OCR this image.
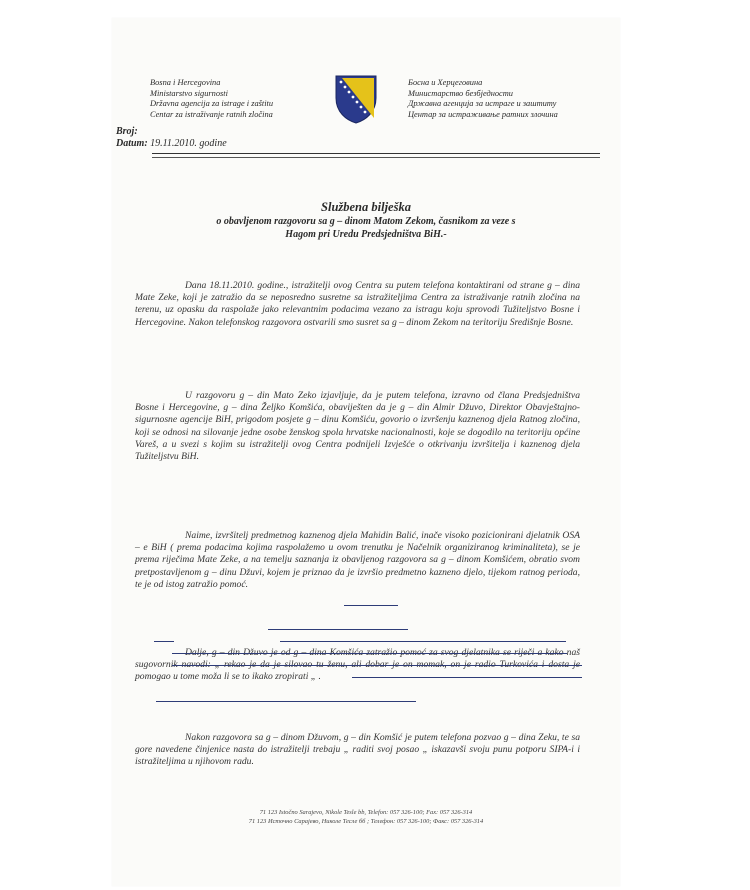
Bosna i Hercegovina
Ministarstvo sigurnosti
Državna agencija za istrage i zaštitu
Centar za istraživanje ratnih zločina
Босна и Херцеговина
Министарство безбједности
Државна агенција за истраге и заштиту
Центар за истраживање ратних злочина
Broj:
Datum: 19.11.2010. godine
Službena bilješka
o obavljenom razgovoru sa g – dinom Matom Zekom, časnikom za veze s
Hagom pri Uredu Predsjedništva BiH.-
Dana 18.11.2010. godine., istražitelji ovog Centra su putem telefona kontaktirani od strane g – dina Mate Zeke, koji je zatražio da se neposredno susretne sa istražiteljima Centra za istraživanje ratnih zločina na terenu, uz opasku da raspolaže jako relevantnim podacima vezano za istragu koju sprovodi Tužiteljstvo Bosne i Hercegovine. Nakon telefonskog razgovora ostvarili smo susret sa g – dinom Zekom na teritoriju Središnje Bosne.
U razgovoru g – din Mato Zeko izjavljuje, da je putem telefona, izravno od člana Predsjedništva Bosne i Hercegovine, g – dina Željko Komšića, obaviješten da je g – din Almir Džuvo, Direktor Obavještajno- sigurnosne agencije BiH, prigodom posjete g – dinu Komšiću, govorio o izvršenju kaznenog djela Ratnog zločina, koji se odnosi na silovanje jedne osobe ženskog spola hrvatske nacionalnosti, koje se dogodilo na teritoriju općine Vareš, a u svezi s kojim su istražitelji ovog Centra podnijeli Izvješće o otkrivanju izvršitelja i kaznenog djela Tužiteljstvu BiH.
Naime, izvršitelj predmetnog kaznenog djela Mahidin Balić, inače visoko pozicionirani djelatnik OSA – e BiH ( prema podacima kojima raspolažemo u ovom trenutku je Načelnik organiziranog kriminaliteta), se je prema riječima Mate Zeke, a na temelju saznanja iz obavljenog razgovora sa g – dinom Komšićem, obratio svom pretpostavljenom g – dinu Džuvi, kojem je priznao da je izvršio predmetno kazneno djelo, tijekom ratnog perioda, te je od istog zatražio pomoć.
Dalje, g – din Džuvo je od g – dina Komšića zatražio pomoć za svog djelatnika se riječi a kako naš sugovornik navodi: „ rekao je da je silovao tu ženu, ali dobar je on momak, on je radio Turkovića i dosta je pomogao u tome moža li se to ikako zropirati „ .
Nakon razgovora sa g – dinom Džuvom, g – din Komšić je putem telefona pozvao g – dina Zeku, te sa gore navedene činjenice nasta do istražitelji trebaju „ raditi svoj posao „ iskazavši svoju punu potporu SIPA-i i istražiteljima u njihovom radu.
71 123 Istočno Sarajevo, Nikole Tesle bb, Telefon: 057 326-100; Fax: 057 326-314
71 123 Источно Сарајево, Николе Тесле бб ; Телефон: 057 326-100; Факс: 057 326-314
